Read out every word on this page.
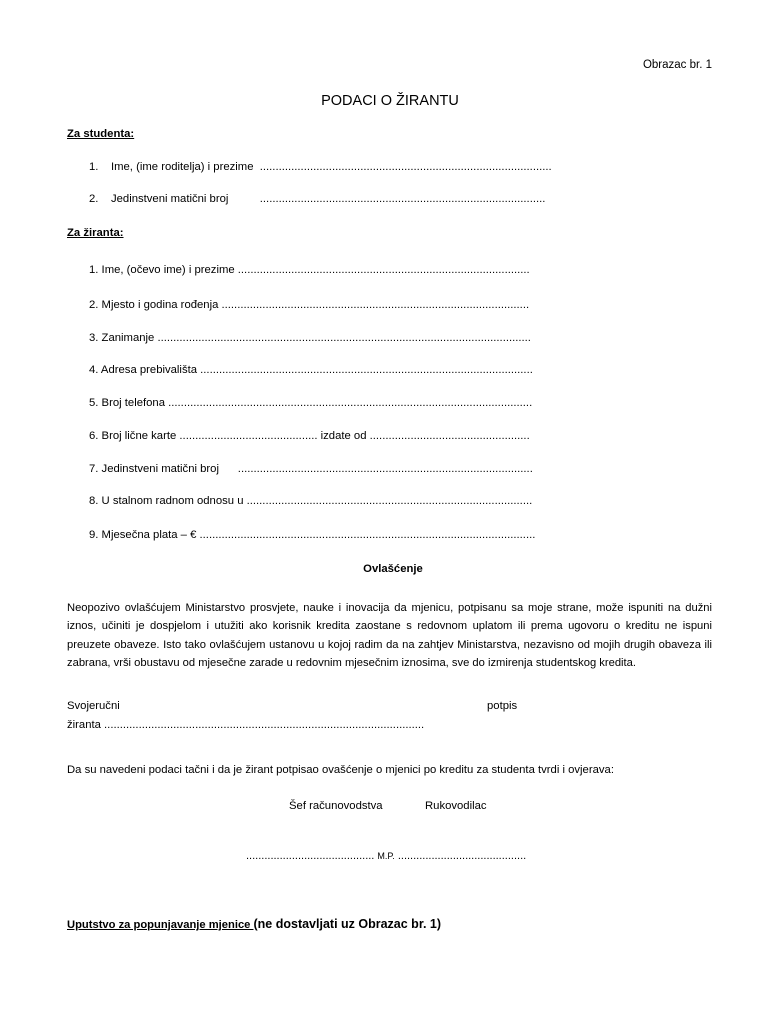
Obrazac br. 1
PODACI O ŽIRANTU
Za studenta:
1.    Ime, (ime roditelja) i prezime  .............................................................................................
2.    Jedinstveni matični broj          ...........................................................................................
Za žiranta:
1. Ime, (očevo ime) i prezime .............................................................................................
2. Mjesto i godina rođenja ..................................................................................................
3. Zanimanje .......................................................................................................................
4. Adresa prebivališta ..........................................................................................................
5. Broj telefona ....................................................................................................................
6. Broj lične karte ............................................ izdate od ...................................................
7. Jedinstveni matični broj      ..............................................................................................
8. U stalnom radnom odnosu u ...........................................................................................
9. Mjesečna plata – € ...........................................................................................................
Ovlašćenje
Neopozivo ovlašćujem Ministarstvo prosvjete, nauke i inovacija da mjenicu, potpisanu sa moje strane, može ispuniti na dužni iznos, učiniti je dospjelom i utužiti ako korisnik kredita zaostane s redovnom uplatom ili prema ugovoru o kreditu ne ispuni preuzete obaveze. Isto tako ovlašćujem ustanovu u kojoj radim da na zahtjev Ministarstva, nezavisno od mojih drugih obaveza ili zabrana, vrši obustavu od mjesečne zarade u redovnim mjesečnim iznosima, sve do izmirenja studentskog kredita.
Svojeručni	potpis
žiranta ......................................................................................................
Da su navedeni podaci tačni i da je žirant potpisao ovašćenje o mjenici po kreditu za studenta tvrdi i ovjerava:
Šef računovodstva	Rukovodilac
.......................................... M.P. ..........................................
Uputstvo za popunjavanje mjenice (ne dostavljati uz Obrazac br. 1)
